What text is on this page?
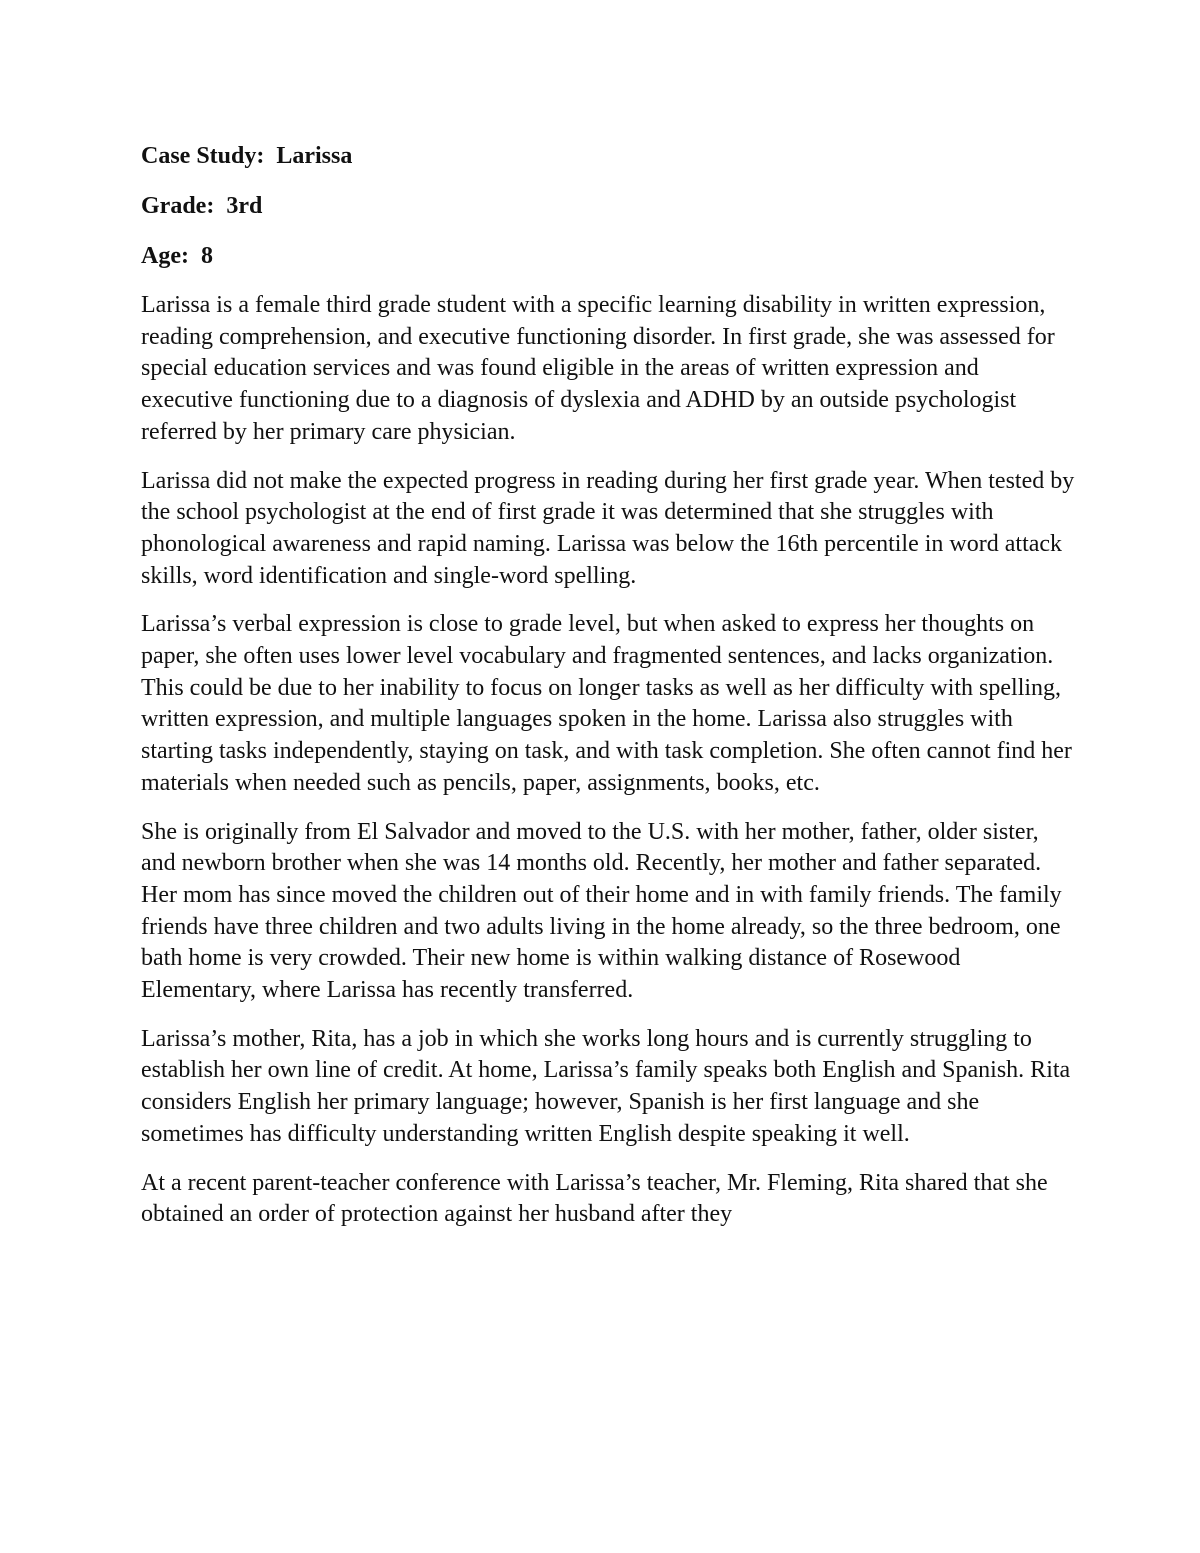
Case Study:  Larissa
Grade:  3rd
Age:  8

Larissa is a female third grade student with a specific learning disability in written expression, reading comprehension, and executive functioning disorder. In first grade, she was assessed for special education services and was found eligible in the areas of written expression and executive functioning due to a diagnosis of dyslexia and ADHD by an outside psychologist referred by her primary care physician.

Larissa did not make the expected progress in reading during her first grade year. When tested by the school psychologist at the end of first grade it was determined that she struggles with phonological awareness and rapid naming. Larissa was below the 16th percentile in word attack skills, word identification and single-word spelling.

Larissa’s verbal expression is close to grade level, but when asked to express her thoughts on paper, she often uses lower level vocabulary and fragmented sentences, and lacks organization. This could be due to her inability to focus on longer tasks as well as her difficulty with spelling, written expression, and multiple languages spoken in the home. Larissa also struggles with starting tasks independently, staying on task, and with task completion. She often cannot find her materials when needed such as pencils, paper, assignments, books, etc.

She is originally from El Salvador and moved to the U.S. with her mother, father, older sister, and newborn brother when she was 14 months old. Recently, her mother and father separated. Her mom has since moved the children out of their home and in with family friends. The family friends have three children and two adults living in the home already, so the three bedroom, one bath home is very crowded. Their new home is within walking distance of Rosewood Elementary, where Larissa has recently transferred.

Larissa’s mother, Rita, has a job in which she works long hours and is currently struggling to establish her own line of credit. At home, Larissa’s family speaks both English and Spanish. Rita considers English her primary language; however, Spanish is her first language and she sometimes has difficulty understanding written English despite speaking it well.

At a recent parent-teacher conference with Larissa’s teacher, Mr. Fleming, Rita shared that she obtained an order of protection against her husband after they
